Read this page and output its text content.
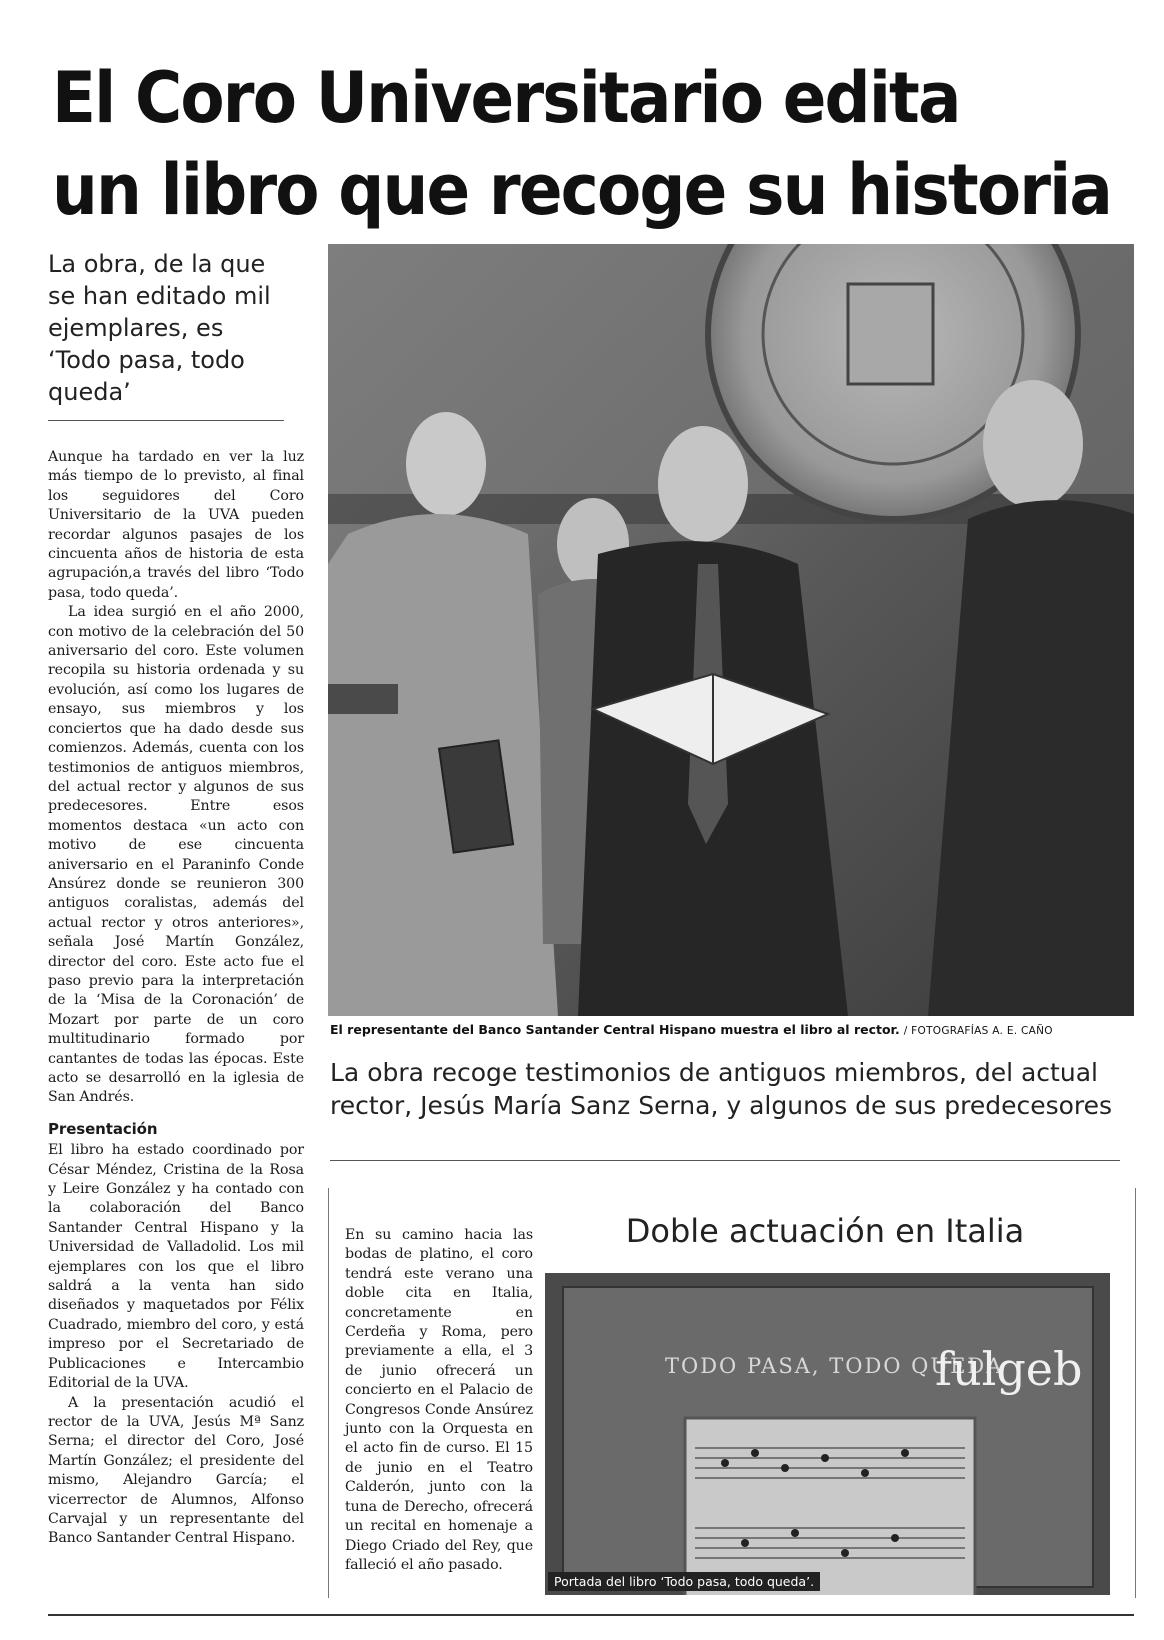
El Coro Universitario edita
un libro que recoge su historia
La obra, de la que se han editado mil ejemplares, es ‘Todo pasa, todo queda’

Aunque ha tardado en ver la luz más tiempo de lo previsto, al final los seguidores del Coro Universitario de la UVA pueden recordar algunos pasajes de los cincuenta años de historia de esta agrupación,a través del libro ‘Todo pasa, todo queda’.

La idea surgió en el año 2000, con motivo de la celebración del 50 aniversario del coro. Este volumen recopila su historia ordenada y su evolución, así como los lugares de ensayo, sus miembros y los conciertos que ha dado desde sus comienzos. Además, cuenta con los testimonios de antiguos miembros, del actual rector y algunos de sus predecesores. Entre esos momentos destaca «un acto con motivo de ese cincuenta aniversario en el Paraninfo Conde Ansúrez donde se reunieron 300 antiguos coralistas, además del actual rector y otros anteriores», señala José Martín González, director del coro. Este acto fue el paso previo para la interpretación de la ‘Misa de la Coronación’ de Mozart por parte de un coro multitudinario formado por cantantes de todas las épocas. Este acto se desarrolló en la iglesia de San Andrés.

Presentación

El libro ha estado coordinado por César Méndez, Cristina de la Rosa y Leire González y ha contado con la colaboración del Banco Santander Central Hispano y la Universidad de Valladolid. Los mil ejemplares con los que el libro saldrá a la venta han sido diseñados y maquetados por Félix Cuadrado, miembro del coro, y está impreso por el Secretariado de Publicaciones e Intercambio Editorial de la UVA.

A la presentación acudió el rector de la UVA, Jesús Mª Sanz Serna; el director del Coro, José Martín González; el presidente del mismo, Alejandro García; el vicerrector de Alumnos, Alfonso Carvajal y un representante del Banco Santander Central Hispano.

El representante del Banco Santander Central Hispano muestra el libro al rector. / FOTOGRAFÍAS A. E. CAÑO
La obra recoge testimonios de antiguos miembros, del actual rector, Jesús María Sanz Serna, y algunos de sus predecesores
Doble actuación en Italia
En su camino hacia las bodas de platino, el coro tendrá este verano una doble cita en Italia, concretamente en Cerdeña y Roma, pero previamente a ella, el 3 de junio ofrecerá un concierto en el Palacio de Congresos Conde Ansúrez junto con la Orquesta en el acto fin de curso. El 15 de junio en el Teatro Calderón, junto con la tuna de Derecho, ofrecerá un recital en homenaje a Diego Criado del Rey, que falleció el año pasado.
TODO PASA, TODO QUEDA
fulgeb
Portada del libro ‘Todo pasa, todo queda’.
